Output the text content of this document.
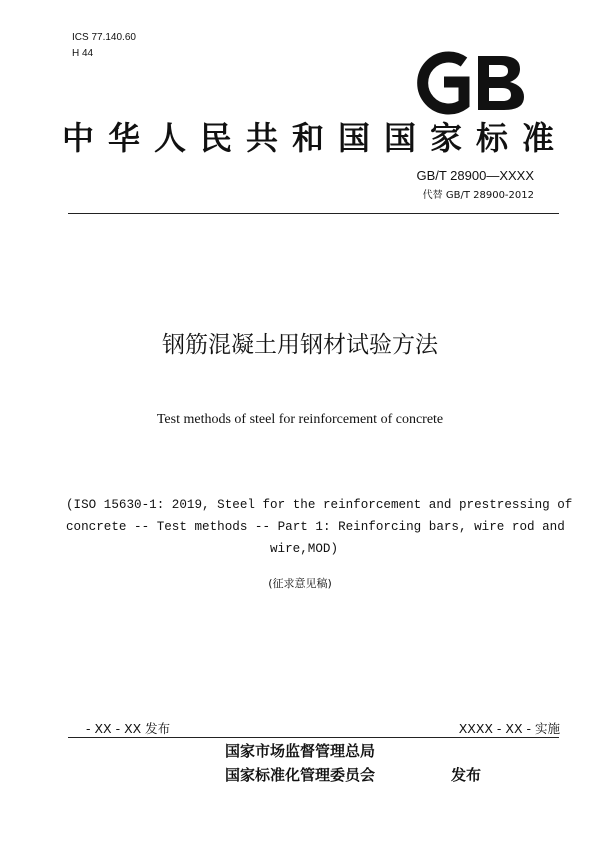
ICS 77.140.60
H 44
中华人民共和国国家标准
GB/T 28900—XXXX
代替 GB/T 28900-2012
钢筋混凝土用钢材试验方法
Test methods of steel for reinforcement of concrete
(ISO 15630-1: 2019, Steel for the reinforcement and prestressing of
concrete -- Test methods -- Part 1: Reinforcing bars, wire rod and
wire,MOD)
(征求意见稿)
- XX - XX 发布	XXXX - XX - 实施
国家市场监督管理总局
国家标准化管理委员会	发布
